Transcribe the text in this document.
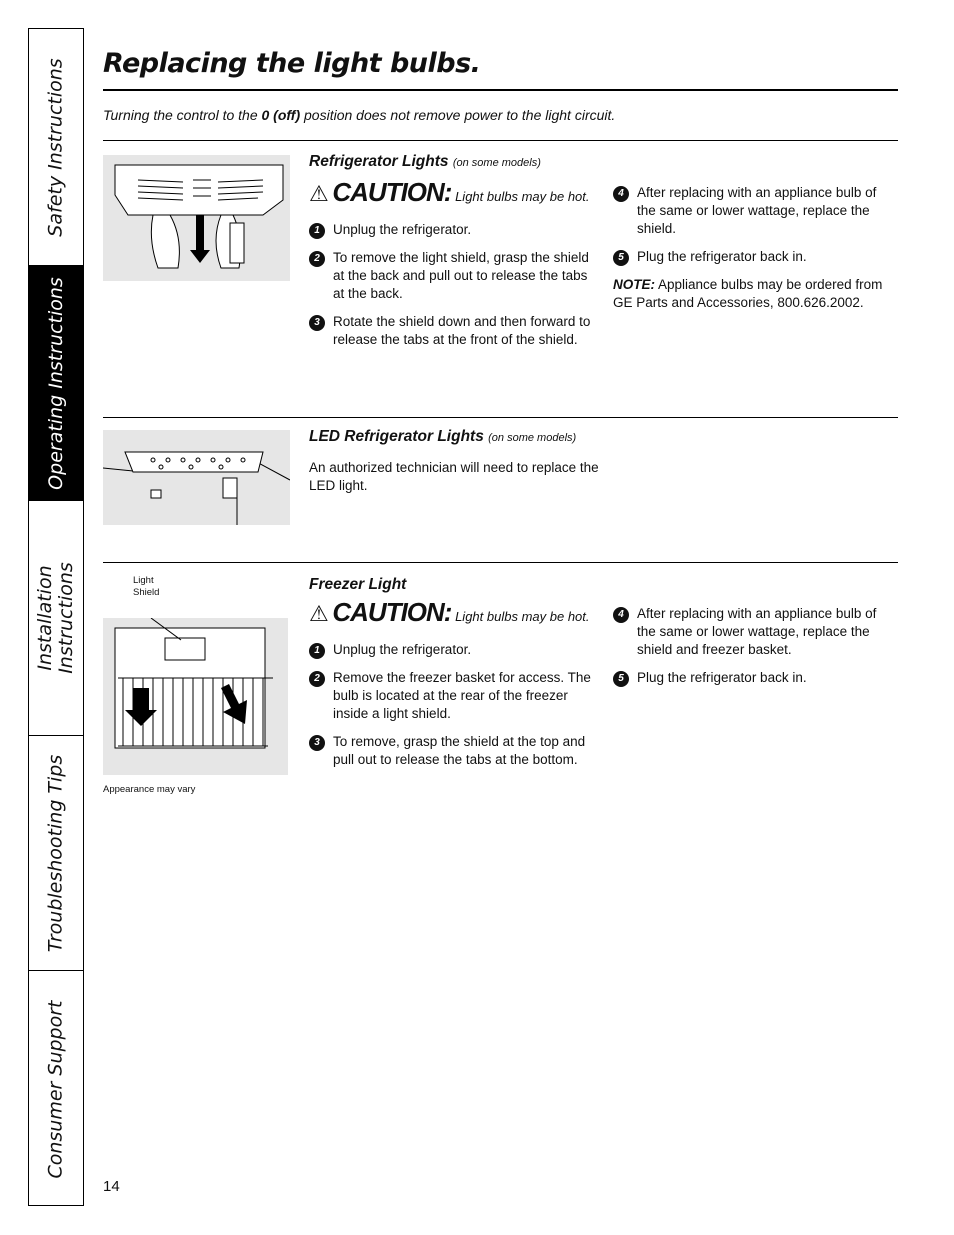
Safety Instructions
Operating Instructions
Installation Instructions
Troubleshooting Tips
Consumer Support
Replacing the light bulbs.
Turning the control to the 0 (off) position does not remove power to the light circuit.
Refrigerator Lights (on some models)
⚠ CAUTION: Light bulbs may be hot.
1 Unplug the refrigerator.
2 To remove the light shield, grasp the shield at the back and pull out to release the tabs at the back.
3 Rotate the shield down and then forward to release the tabs at the front of the shield.
4 After replacing with an appliance bulb of the same or lower wattage, replace the shield.
5 Plug the refrigerator back in.
NOTE: Appliance bulbs may be ordered from GE Parts and Accessories, 800.626.2002.
LED Refrigerator Lights (on some models)
An authorized technician will need to replace the LED light.
Light Shield
Appearance may vary
Freezer Light
⚠ CAUTION: Light bulbs may be hot.
1 Unplug the refrigerator.
2 Remove the freezer basket for access. The bulb is located at the rear of the freezer inside a light shield.
3 To remove, grasp the shield at the top and pull out to release the tabs at the bottom.
4 After replacing with an appliance bulb of the same or lower wattage, replace the shield and freezer basket.
5 Plug the refrigerator back in.
14
